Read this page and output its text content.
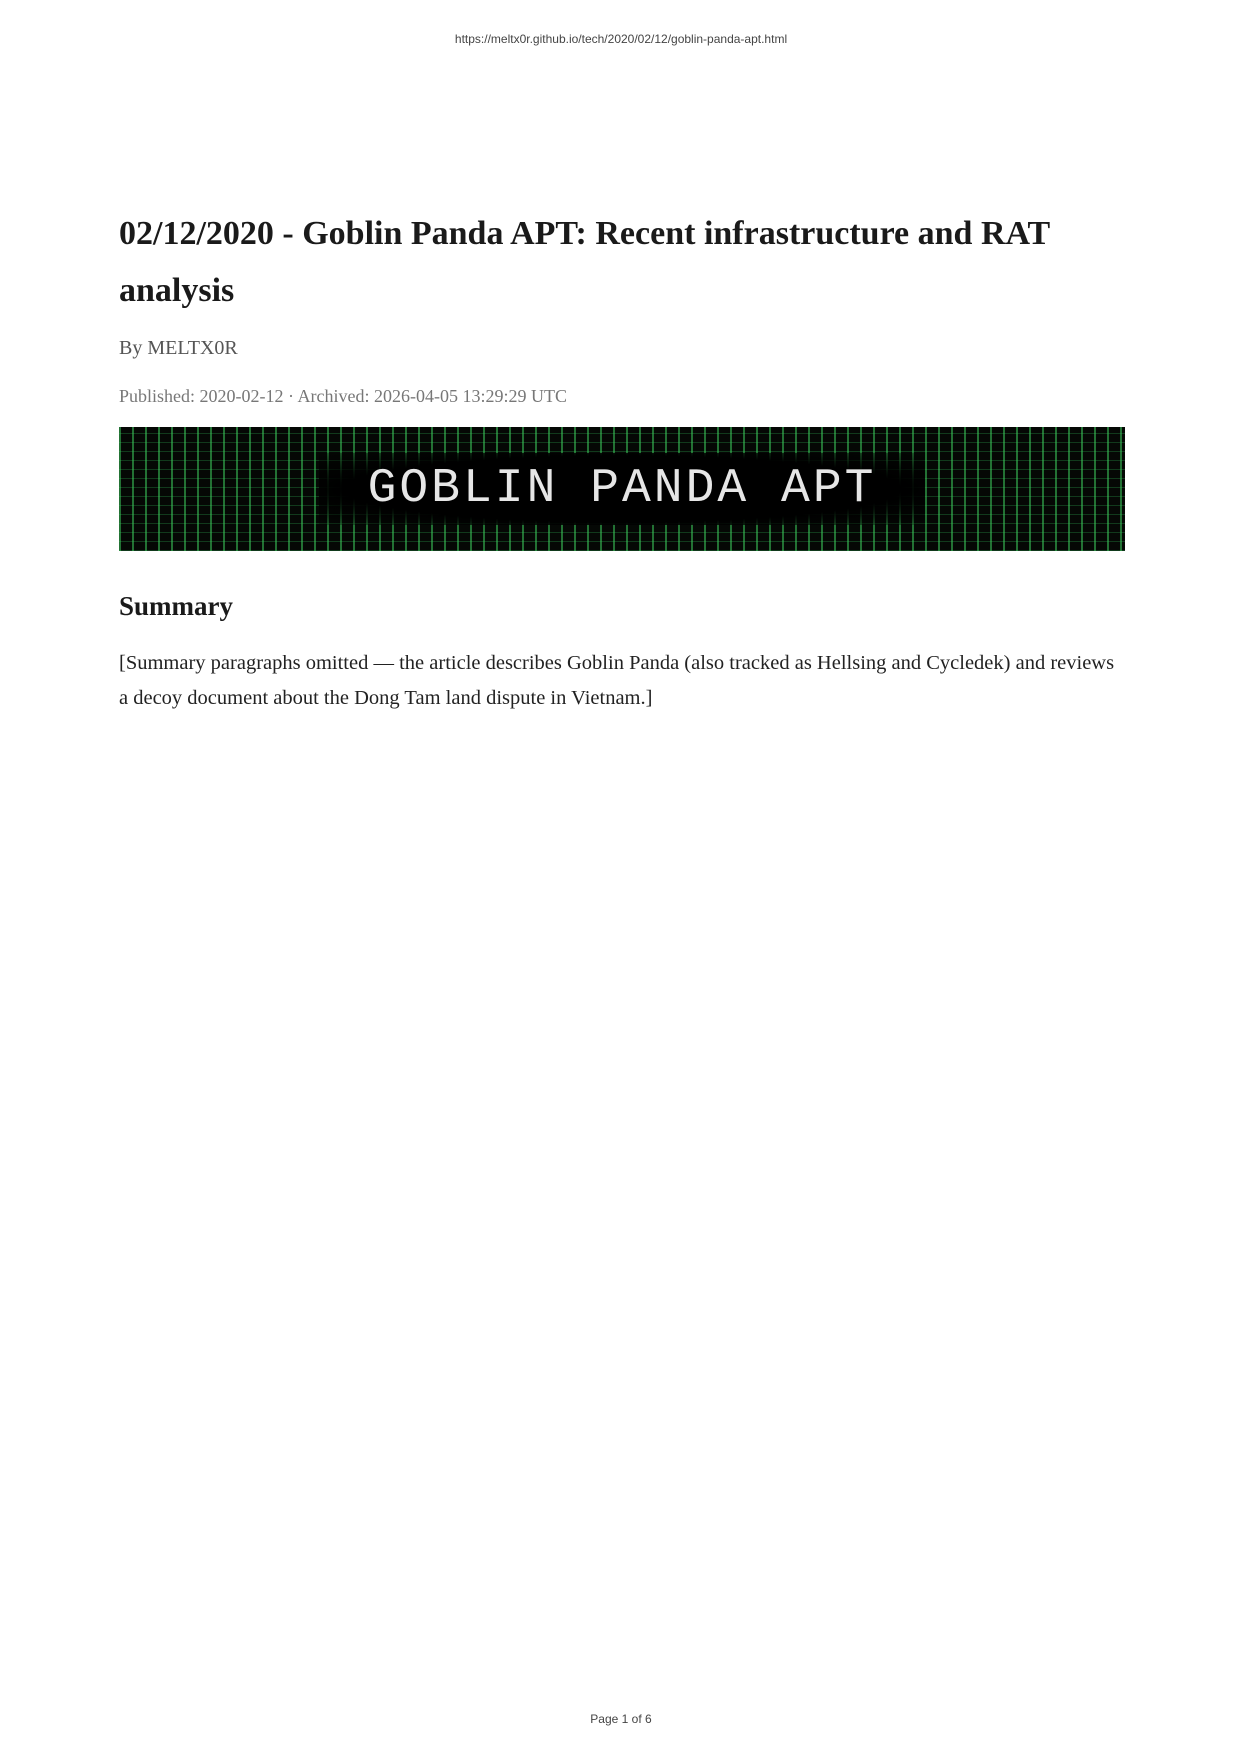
https://meltx0r.github.io/tech/2020/02/12/goblin-panda-apt.html
02/12/2020 - Goblin Panda APT: Recent infrastructure and RAT analysis
By MELTX0R
Published: 2020-02-12 · Archived: 2026-04-05 13:29:29 UTC
GOBLIN PANDA APT
Summary

[Summary paragraphs omitted — the article describes Goblin Panda (also tracked as Hellsing and Cycledek) and reviews a decoy document about the Dong Tam land dispute in Vietnam.]

Page 1 of 6
